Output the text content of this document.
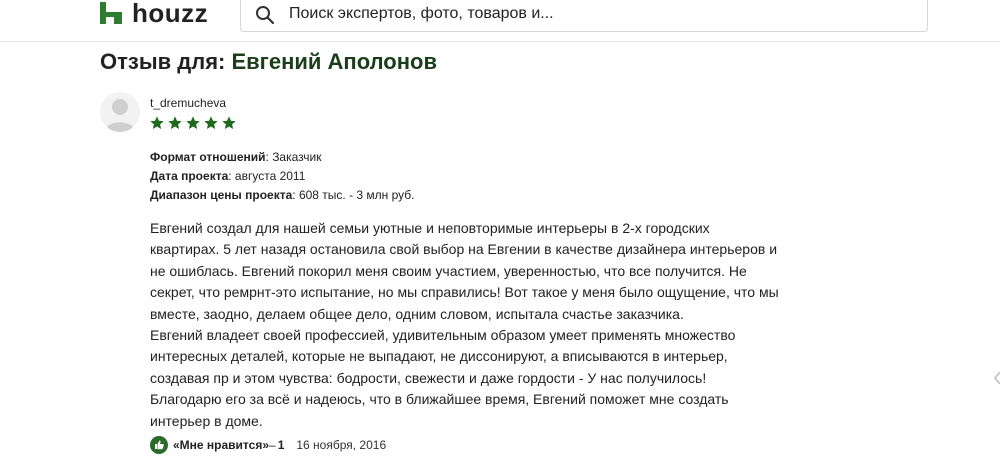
houzz	Поиск экспертов, фото, товаров и...
Отзыв для: Евгений Аполонов
t_dremucheva
Формат отношений: Заказчик
Дата проекта: августа 2011
Диапазон цены проекта: 608 тыс. - 3 млн руб.
Евгений создал для нашей семьи уютные и неповторимые интерьеры в 2-х городских
квартирах. 5 лет назадя остановила свой выбор на Евгении в качестве дизайнера интерьеров и
не ошиблась. Евгений покорил меня своим участием, уверенностью, что все получится. Не
секрет, что ремрнт-это испытание, но мы справились! Вот такое у меня было ощущение, что мы
вместе, заодно, делаем общее дело, одним словом, испытала счастье заказчика.
Евгений владеет своей профессией, удивительным образом умеет применять множество
интересных деталей, которые не выпадают, не диссонируют, а вписываются в интерьер,
создавая пр и этом чувства: бодрости, свежести и даже гордости - У нас получилось!
Благодарю его за всё и надеюсь, что в ближайшее время, Евгений поможет мне создать
интерьер в доме.
«Мне нравится» – 1 16 ноября, 2016
